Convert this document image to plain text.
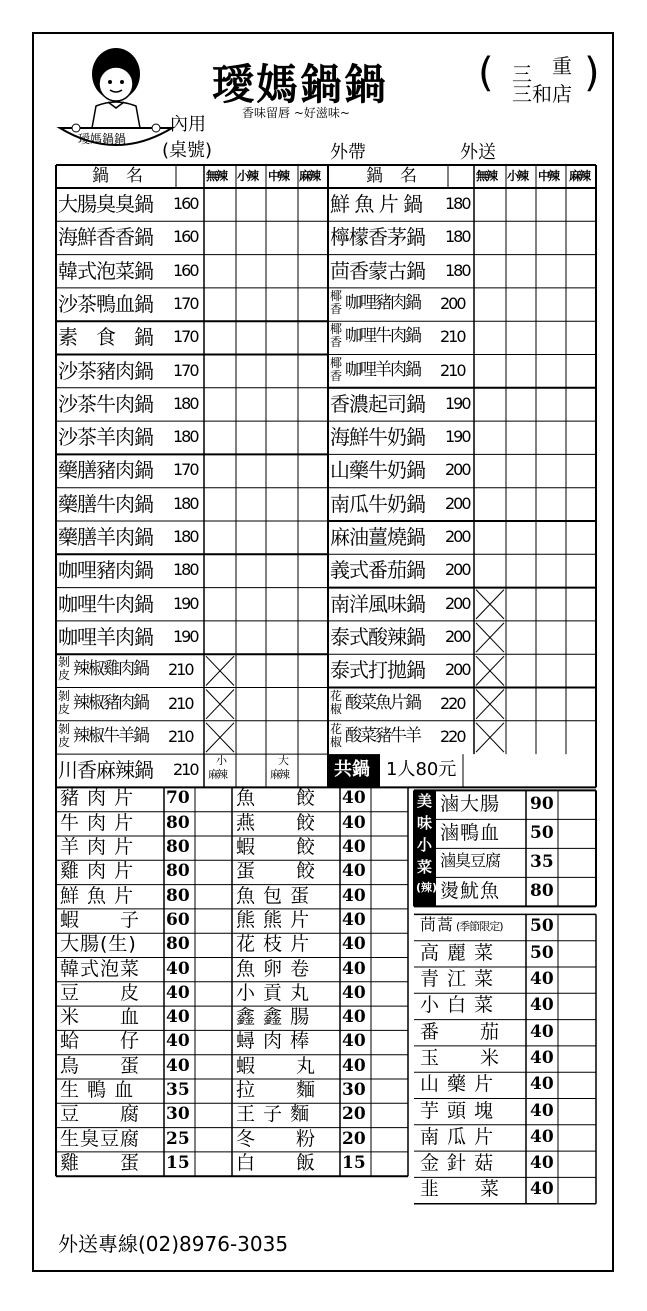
璦媽鍋鍋
璦媽鍋鍋
香味留唇 ~好滋味~
( 三 重
三和店 )
內用
(桌號)	外帶	外送
鍋　名	鍋　名
無辣	無辣
小辣	小辣
中辣	中辣
麻辣	麻辣
大腸臭臭鍋 160
海鮮香香鍋 160
韓式泡菜鍋 160
沙茶鴨血鍋 170
素　食　鍋 170
沙茶豬肉鍋 170
沙茶牛肉鍋 180
沙茶羊肉鍋 180
藥膳豬肉鍋 170
藥膳牛肉鍋 180
藥膳羊肉鍋 180
咖哩豬肉鍋 180
咖哩牛肉鍋 190
咖哩羊肉鍋 190
剝
皮 辣椒雞肉鍋 210
剝
皮 辣椒豬肉鍋 210
剝
皮 辣椒牛羊鍋 210
川香麻辣鍋 210
鮮 魚 片 鍋 180
檸檬香茅鍋 180
茴香蒙古鍋 180
椰
香 咖哩豬肉鍋 200
椰
香 咖哩牛肉鍋 210
椰
香 咖哩羊肉鍋 210
香濃起司鍋 190
海鮮牛奶鍋 190
山藥牛奶鍋 200
南瓜牛奶鍋 200
麻油薑燒鍋 200
義式番茄鍋 200
南洋風味鍋 200
泰式酸辣鍋 200
泰式打拋鍋 200
花
椒 酸菜魚片鍋 220
花
椒 酸菜豬牛羊 220
小
麻辣
大
麻辣	共鍋 1人80元
豬 肉 片 70
牛 肉 片 80
羊 肉 片 80
雞 肉 片 80
鮮 魚 片 80
蝦　　子 60
大腸(生) 80
韓式泡菜 40
豆　　皮 40
米　　血 40
蛤　　仔 40
鳥　　蛋 40
生 鴨 血 35
豆　　腐 30
生臭豆腐 25
雞　　蛋 15
魚　　餃 40
燕　　餃 40
蝦　　餃 40
蛋　　餃 40
魚 包 蛋 40
熊 熊 片 40
花 枝 片 40
魚 卵 卷 40
小 貢 丸 40
鑫 鑫 腸 40
蟳 肉 棒 40
蝦　　丸 40
拉　　麵 30
王 子 麵 20
冬　　粉 20
白　　飯 15
美
味
小
菜
(辣)
滷大腸 90
滷鴨血 50
滷臭豆腐 35
燙魷魚 80
茼蒿 (季節限定) 50
高 麗 菜 50
青 江 菜 40
小 白 菜 40
番　　茄 40
玉　　米 40
山 藥 片 40
芋 頭 塊 40
南 瓜 片 40
金 針 菇 40
韭　　菜 40
外送專線(02)8976-3035
